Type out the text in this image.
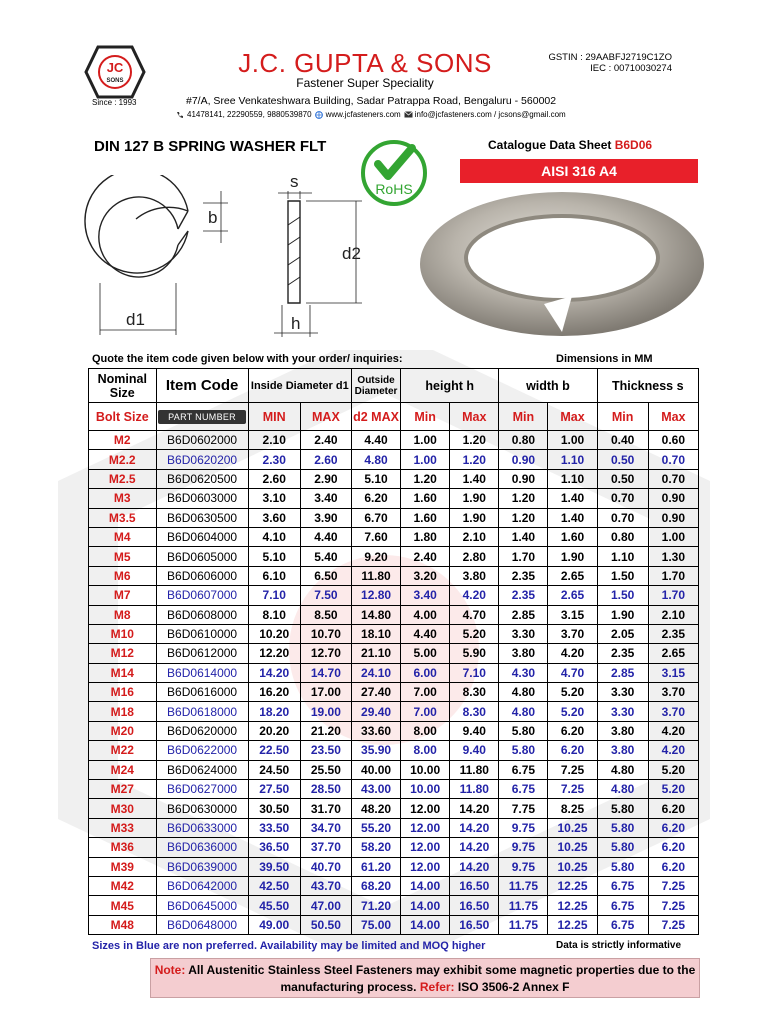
JC
SONS
Since : 1993
J.C. GUPTA & SONS
Fastener Super Speciality
#7/A, Sree Venkateshwara Building, Sadar Patrappa Road, Bengaluru - 560002
41478141, 22290559, 9880539870 www.jcfasteners.com info@jcfasteners.com / jcsons@gmail.com
GSTIN : 29AABFJ2719C1ZO
IEC : 00710030274
DIN 127 B SPRING WASHER FLT	Catalogue Data Sheet B6D06
AISI 316 A4
RoHS
b
d1
s
d2
h
Quote the item code given below with your order/ inquiries:	Dimensions in MM
Nominal Size	Item Code	Inside Diameter d1		Outside Diameter	height h		width b		Thickness s	
Bolt Size	PART NUMBER	MIN	MAX	d2 MAX	Min	Max	Min	Max	Min	Max
M2	B6D0602000	2.10	2.40	4.40	1.00	1.20	0.80	1.00	0.40	0.60
M2.2	B6D0620200	2.30	2.60	4.80	1.00	1.20	0.90	1.10	0.50	0.70
M2.5	B6D0620500	2.60	2.90	5.10	1.20	1.40	0.90	1.10	0.50	0.70
M3	B6D0603000	3.10	3.40	6.20	1.60	1.90	1.20	1.40	0.70	0.90
M3.5	B6D0630500	3.60	3.90	6.70	1.60	1.90	1.20	1.40	0.70	0.90
M4	B6D0604000	4.10	4.40	7.60	1.80	2.10	1.40	1.60	0.80	1.00
M5	B6D0605000	5.10	5.40	9.20	2.40	2.80	1.70	1.90	1.10	1.30
M6	B6D0606000	6.10	6.50	11.80	3.20	3.80	2.35	2.65	1.50	1.70
M7	B6D0607000	7.10	7.50	12.80	3.40	4.20	2.35	2.65	1.50	1.70
M8	B6D0608000	8.10	8.50	14.80	4.00	4.70	2.85	3.15	1.90	2.10
M10	B6D0610000	10.20	10.70	18.10	4.40	5.20	3.30	3.70	2.05	2.35
M12	B6D0612000	12.20	12.70	21.10	5.00	5.90	3.80	4.20	2.35	2.65
M14	B6D0614000	14.20	14.70	24.10	6.00	7.10	4.30	4.70	2.85	3.15
M16	B6D0616000	16.20	17.00	27.40	7.00	8.30	4.80	5.20	3.30	3.70
M18	B6D0618000	18.20	19.00	29.40	7.00	8.30	4.80	5.20	3.30	3.70
M20	B6D0620000	20.20	21.20	33.60	8.00	9.40	5.80	6.20	3.80	4.20
M22	B6D0622000	22.50	23.50	35.90	8.00	9.40	5.80	6.20	3.80	4.20
M24	B6D0624000	24.50	25.50	40.00	10.00	11.80	6.75	7.25	4.80	5.20
M27	B6D0627000	27.50	28.50	43.00	10.00	11.80	6.75	7.25	4.80	5.20
M30	B6D0630000	30.50	31.70	48.20	12.00	14.20	7.75	8.25	5.80	6.20
M33	B6D0633000	33.50	34.70	55.20	12.00	14.20	9.75	10.25	5.80	6.20
M36	B6D0636000	36.50	37.70	58.20	12.00	14.20	9.75	10.25	5.80	6.20
M39	B6D0639000	39.50	40.70	61.20	12.00	14.20	9.75	10.25	5.80	6.20
M42	B6D0642000	42.50	43.70	68.20	14.00	16.50	11.75	12.25	6.75	7.25
M45	B6D0645000	45.50	47.00	71.20	14.00	16.50	11.75	12.25	6.75	7.25
M48	B6D0648000	49.00	50.50	75.00	14.00	16.50	11.75	12.25	6.75	7.25
Sizes in Blue are non preferred. Availability may be limited and MOQ higher	Data is strictly informative
Note: All Austenitic Stainless Steel Fasteners may exhibit some magnetic properties due to the manufacturing process. Refer: ISO 3506-2 Annex F
